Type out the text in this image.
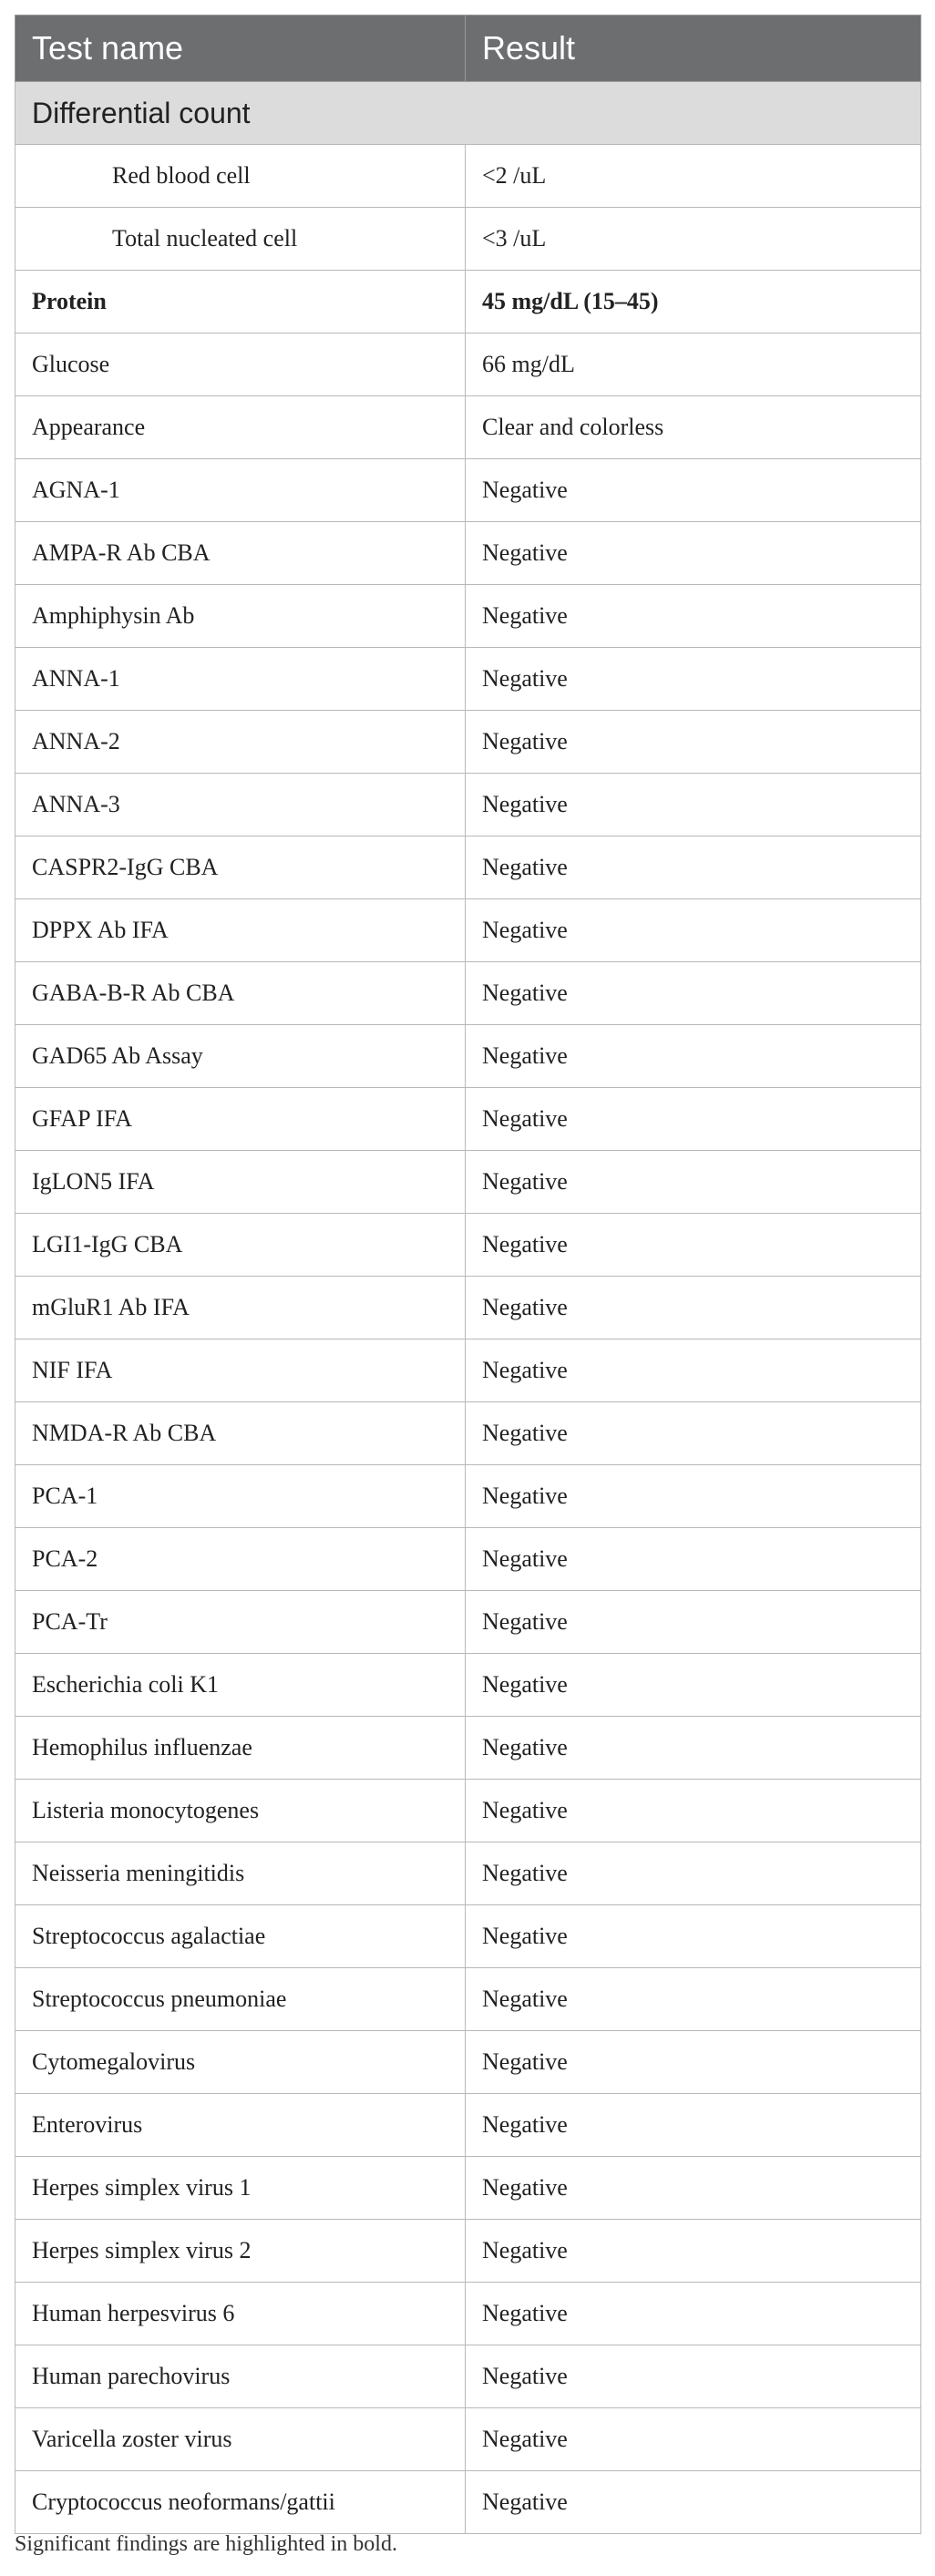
Test name	Result
Differential count	
Red blood cell	<2 /uL
Total nucleated cell	<3 /uL
Protein	45 mg/dL (15–45)
Glucose	66 mg/dL
Appearance	Clear and colorless
AGNA-1	Negative
AMPA-R Ab CBA	Negative
Amphiphysin Ab	Negative
ANNA-1	Negative
ANNA-2	Negative
ANNA-3	Negative
CASPR2-IgG CBA	Negative
DPPX Ab IFA	Negative
GABA-B-R Ab CBA	Negative
GAD65 Ab Assay	Negative
GFAP IFA	Negative
IgLON5 IFA	Negative
LGI1-IgG CBA	Negative
mGluR1 Ab IFA	Negative
NIF IFA	Negative
NMDA-R Ab CBA	Negative
PCA-1	Negative
PCA-2	Negative
PCA-Tr	Negative
Escherichia coli K1	Negative
Hemophilus influenzae	Negative
Listeria monocytogenes	Negative
Neisseria meningitidis	Negative
Streptococcus agalactiae	Negative
Streptococcus pneumoniae	Negative
Cytomegalovirus	Negative
Enterovirus	Negative
Herpes simplex virus 1	Negative
Herpes simplex virus 2	Negative
Human herpesvirus 6	Negative
Human parechovirus	Negative
Varicella zoster virus	Negative
Cryptococcus neoformans/gattii	Negative
Significant findings are highlighted in bold.
